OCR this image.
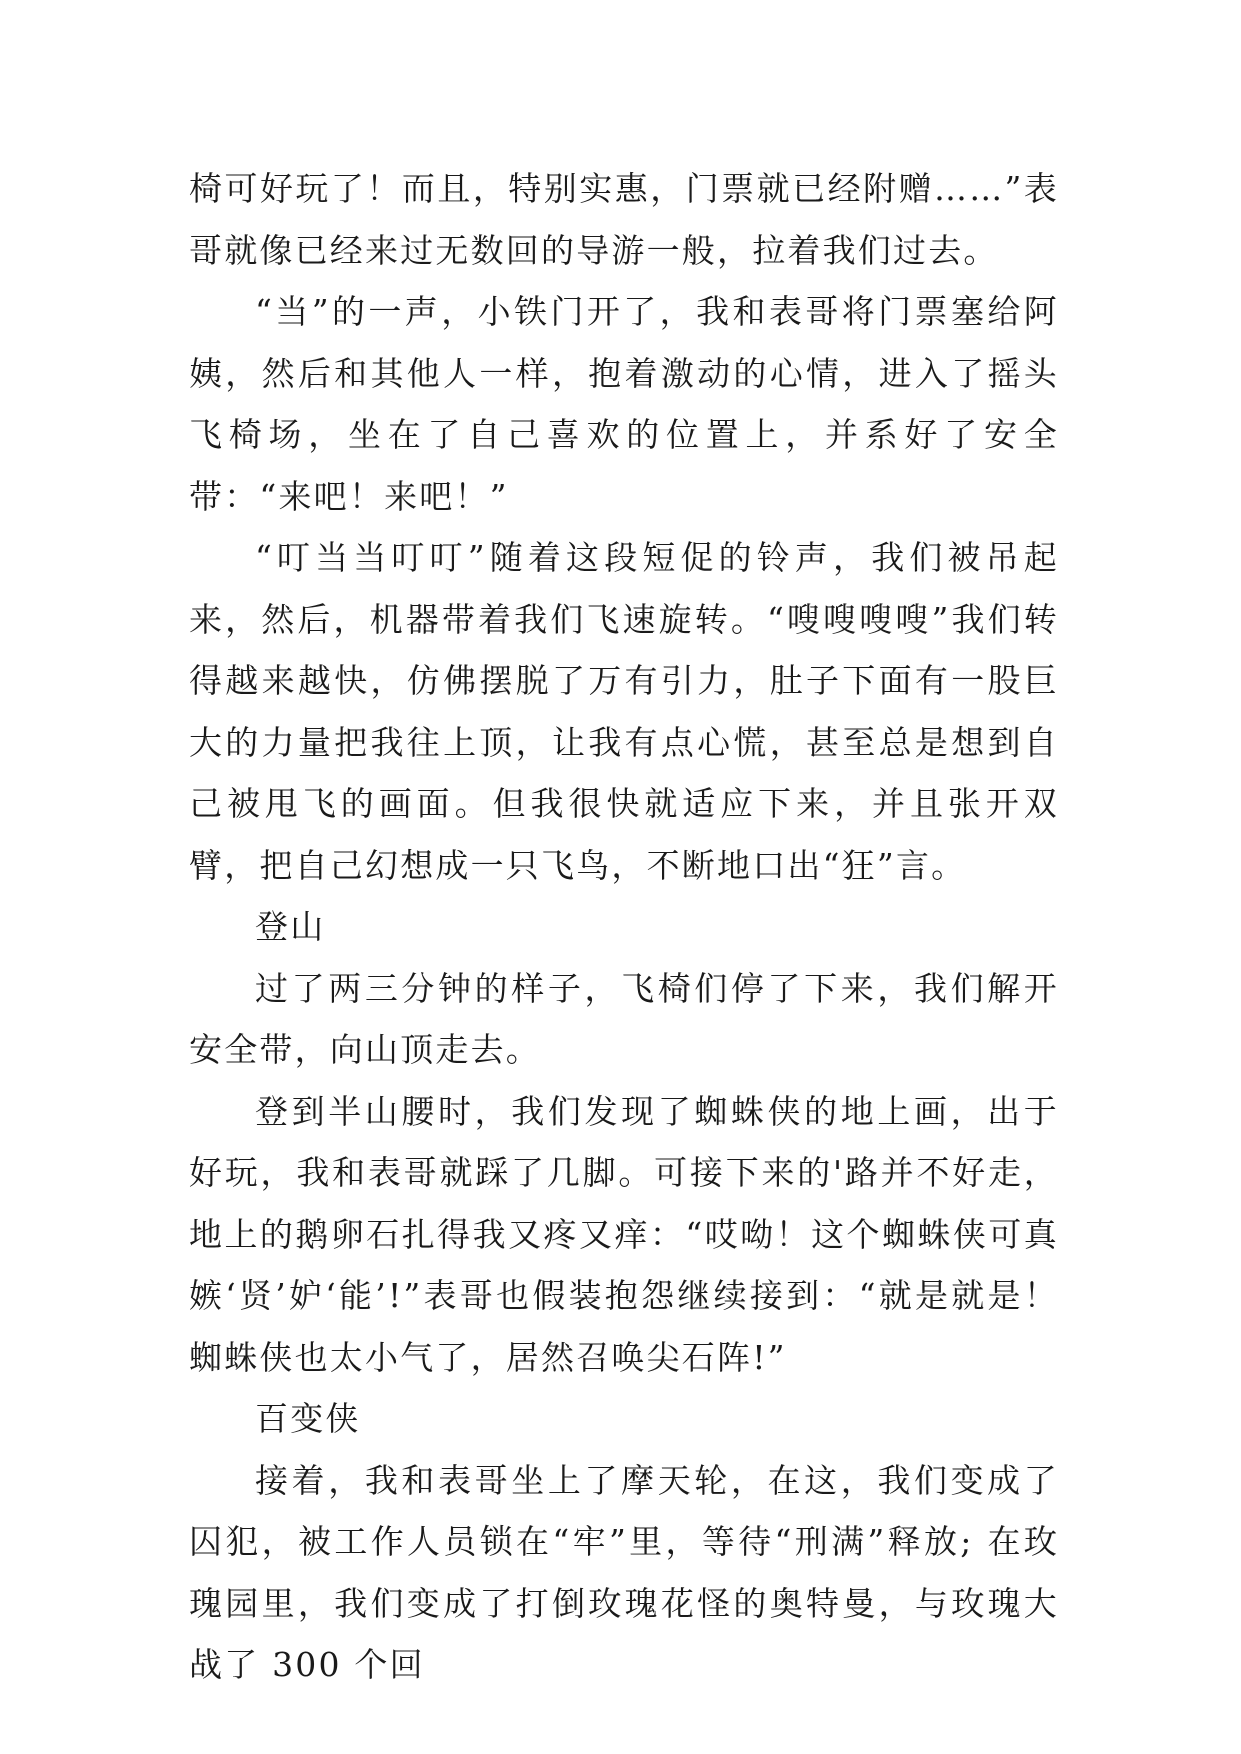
椅可好玩了！而且，特别实惠，门票就已经附赠……”表哥就像已经来过无数回的导游一般，拉着我们过去。

“当”的一声，小铁门开了，我和表哥将门票塞给阿姨，然后和其他人一样，抱着激动的心情，进入了摇头飞椅场，坐在了自己喜欢的位置上，并系好了安全带：“来吧！来吧！”

“叮当当叮叮”随着这段短促的铃声，我们被吊起来，然后，机器带着我们飞速旋转。“嗖嗖嗖嗖”我们转得越来越快，仿佛摆脱了万有引力，肚子下面有一股巨大的力量把我往上顶，让我有点心慌，甚至总是想到自己被甩飞的画面。但我很快就适应下来，并且张开双臂，把自己幻想成一只飞鸟，不断地口出“狂”言。

登山

过了两三分钟的样子，飞椅们停了下来，我们解开安全带，向山顶走去。

登到半山腰时，我们发现了蜘蛛侠的地上画，出于好玩，我和表哥就踩了几脚。可接下来的'路并不好走，地上的鹅卵石扎得我又疼又痒：“哎呦！这个蜘蛛侠可真嫉‘贤’妒‘能’!”表哥也假装抱怨继续接到：“就是就是！蜘蛛侠也太小气了，居然召唤尖石阵!”

百变侠

接着，我和表哥坐上了摩天轮，在这，我们变成了囚犯，被工作人员锁在“牢”里，等待“刑满”释放; 在玫瑰园里，我们变成了打倒玫瑰花怪的奥特曼，与玫瑰大战了 300 个回
